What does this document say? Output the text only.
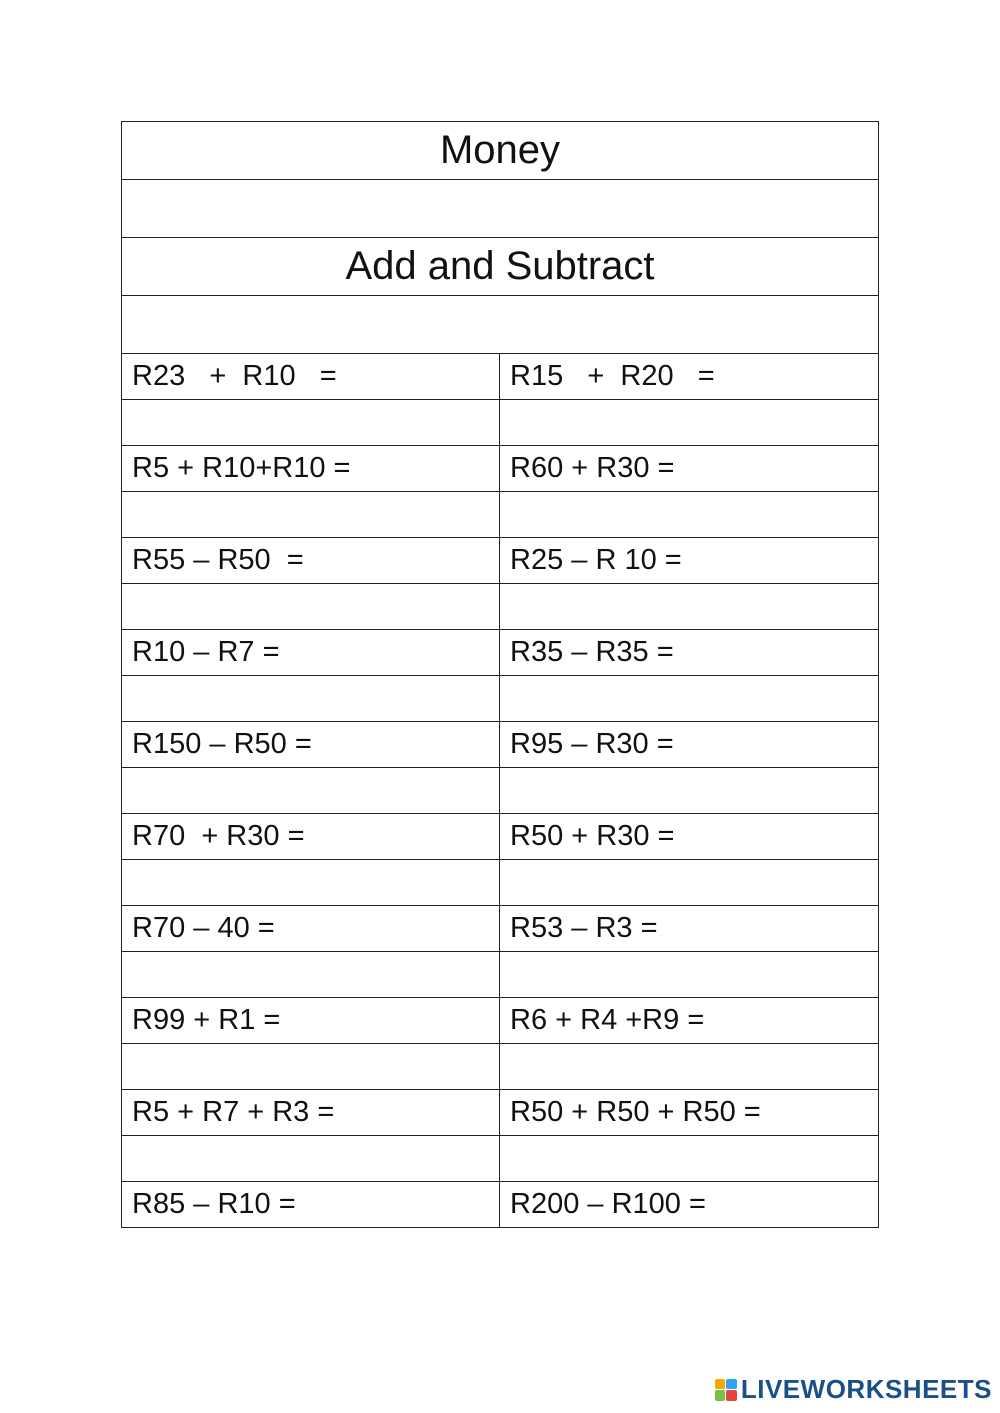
Money	

Add and Subtract	

R23   +  R10   =	R15   +  R20   =

R5 + R10+R10 =	R60 + R30 =

R55 – R50  =	R25 – R 10 =

R10 – R7 =	R35 – R35 =

R150 – R50 =	R95 – R30 =

R70  + R30 =	R50 + R30 =

R70 – 40 =	R53 – R3 =

R99 + R1 =	R6 + R4 +R9 =

R5 + R7 + R3 =	R50 + R50 + R50 =

R85 – R10 =	R200 – R100 =
LIVEWORKSHEETS
